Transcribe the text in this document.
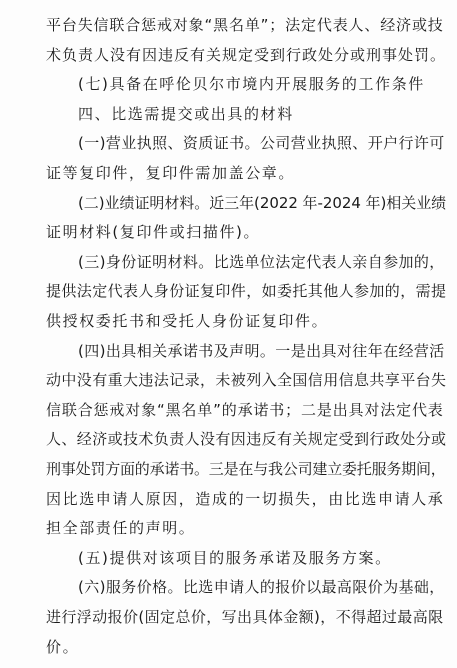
平台失信联合惩戒对象“黑名单”；法定代表人、经济或技
术负责人没有因违反有关规定受到行政处分或刑事处罚。
(七)具备在呼伦贝尔市境内开展服务的工作条件
四、比选需提交或出具的材料
(一)营业执照、资质证书。公司营业执照、开户行许可
证等复印件，复印件需加盖公章。
(二)业绩证明材料。近三年(2022 年-2024 年)相关业绩
证明材料(复印件或扫描件)。
(三)身份证明材料。比选单位法定代表人亲自参加的，
提供法定代表人身份证复印件，如委托其他人参加的，需提
供授权委托书和受托人身份证复印件。
(四)出具相关承诺书及声明。一是出具对往年在经营活
动中没有重大违法记录，未被列入全国信用信息共享平台失
信联合惩戒对象“黑名单”的承诺书；二是出具对法定代表
人、经济或技术负责人没有因违反有关规定受到行政处分或
刑事处罚方面的承诺书。三是在与我公司建立委托服务期间，
因比选申请人原因，造成的一切损失，由比选申请人承
担全部责任的声明。
(五)提供对该项目的服务承诺及服务方案。
(六)服务价格。比选申请人的报价以最高限价为基础，
进行浮动报价(固定总价，写出具体金额)，不得超过最高限
价。
